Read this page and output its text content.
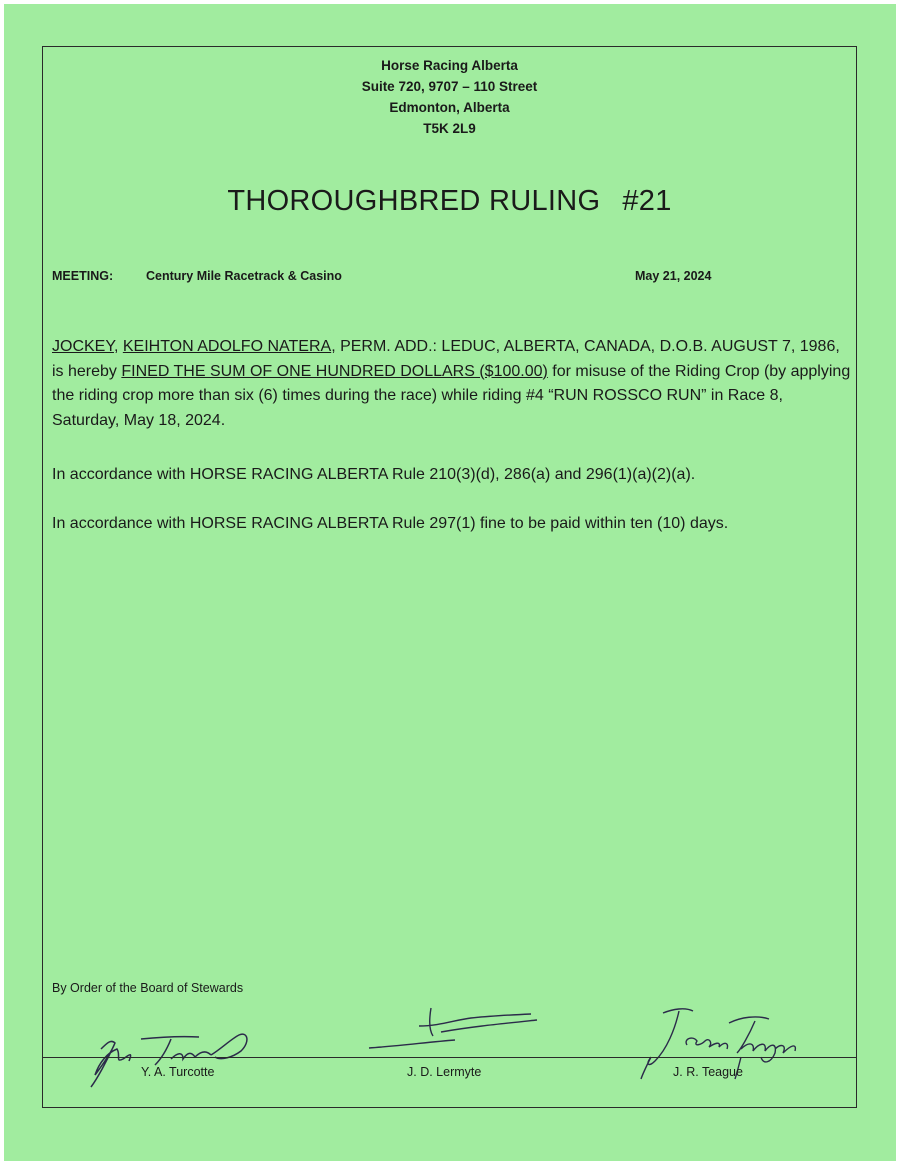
Horse Racing Alberta
Suite 720, 9707 – 110 Street
Edmonton, Alberta
T5K 2L9
THOROUGHBRED RULING #21
MEETING:	Century Mile Racetrack & Casino	May 21, 2024
JOCKEY, KEIHTON ADOLFO NATERA, PERM. ADD.: LEDUC, ALBERTA, CANADA, D.O.B. AUGUST 7, 1986, is hereby FINED THE SUM OF ONE HUNDRED DOLLARS ($100.00) for misuse of the Riding Crop (by applying the riding crop more than six (6) times during the race) while riding #4 “RUN ROSSCO RUN” in Race 8, Saturday, May 18, 2024.
In accordance with HORSE RACING ALBERTA Rule 210(3)(d), 286(a) and 296(1)(a)(2)(a).
In accordance with HORSE RACING ALBERTA Rule 297(1) fine to be paid within ten (10) days.
By Order of the Board of Stewards
Y. A. Turcotte	J. D. Lermyte	J. R. Teague
